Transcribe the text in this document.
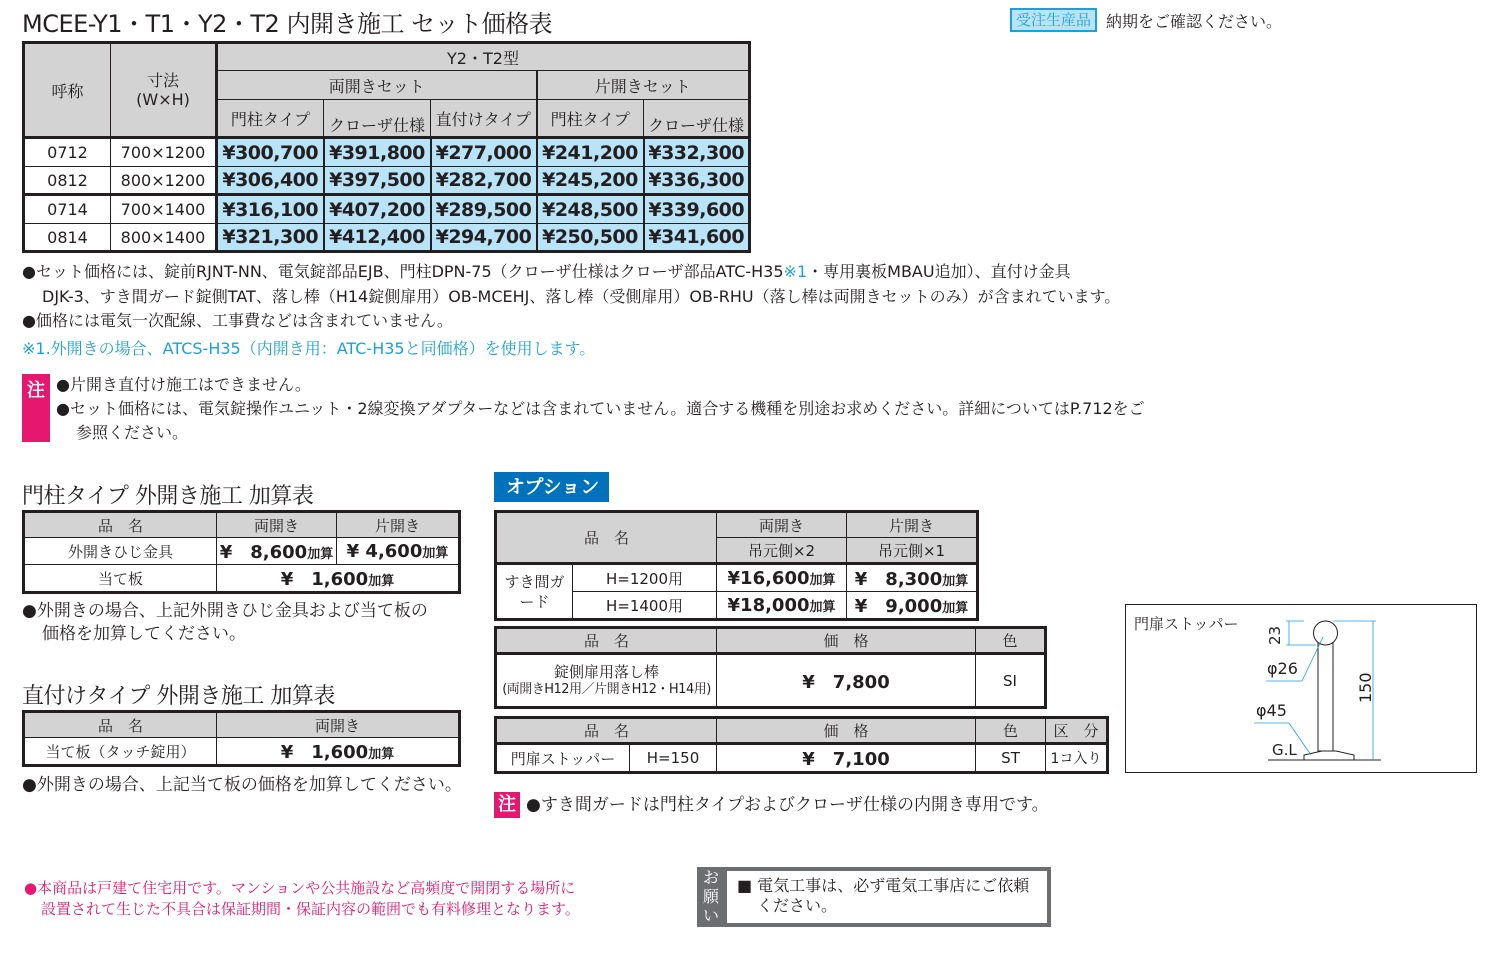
MCEE-Y1・T1・Y2・T2 内開き施工 セット価格表	受注生産品 納期をご確認ください。
呼称	寸法
(W×H)	Y2・T2型				
		両開きセット			片開きセット	
		門柱タイプ	クローザ仕様	直付けタイプ	門柱タイプ	クローザ仕様
0712	700×1200	¥300,700	¥391,800	¥277,000	¥241,200	¥332,300
0812	800×1200	¥306,400	¥397,500	¥282,700	¥245,200	¥336,300
0714	700×1400	¥316,100	¥407,200	¥289,500	¥248,500	¥339,600
0814	800×1400	¥321,300	¥412,400	¥294,700	¥250,500	¥341,600
●セット価格には、錠前RJNT-NN、電気錠部品EJB、門柱DPN-75（クローザ仕様はクローザ部品ATC-H35※1・専用裏板MBAU追加）、直付け金具
DJK-3、すき間ガード錠側TAT、落し棒（H14錠側扉用）OB-MCEHJ、落し棒（受側扉用）OB-RHU（落し棒は両開きセットのみ）が含まれています。
●価格には電気一次配線、工事費などは含まれていません。
※1.外開きの場合、ATCS-H35（内開き用：ATC-H35と同価格）を使用します。
注 ●片開き直付け施工はできません。
●セット価格には、電気錠操作ユニット・2線変換アダプターなどは含まれていません。適合する機種を別途お求めください。詳細についてはP.712をご
参照ください。
門柱タイプ 外開き施工 加算表
品　名	両開き	片開き
外開きひじ金具	¥　8,600加算	¥ 4,600加算
当て板	¥　1,600加算	
●外開きの場合、上記外開きひじ金具および当て板の
価格を加算してください。
直付けタイプ 外開き施工 加算表
品　名	両開き
当て板（タッチ錠用）	¥　1,600加算
●外開きの場合、上記当て板の価格を加算してください。
オプション
品　名		両開き	片開き
		吊元側×2	吊元側×1
すき間ガード	H=1200用	¥16,600加算	¥　8,300加算
	H=1400用	¥18,000加算	¥　9,000加算
品　名	価　格	色

錠側扉用落し棒
(両開きH12用／片開きH12・H14用)	¥　7,800	SI
品　名		価　格	色	区　分
門扉ストッパー	H=150	¥　7,100	ST	1コ入り
注 ●すき間ガードは門柱タイプおよびクローザ仕様の内開き専用です。
門扉ストッパー
23
φ26
150
φ45
G.L
●本商品は戸建て住宅用です。マンションや公共施設など高頻度で開閉する場所に
設置されて生じた不具合は保証期間・保証内容の範囲でも有料修理となります。
お
願
い
■ 電気工事は、必ず電気工事店にご依頼
ください。
